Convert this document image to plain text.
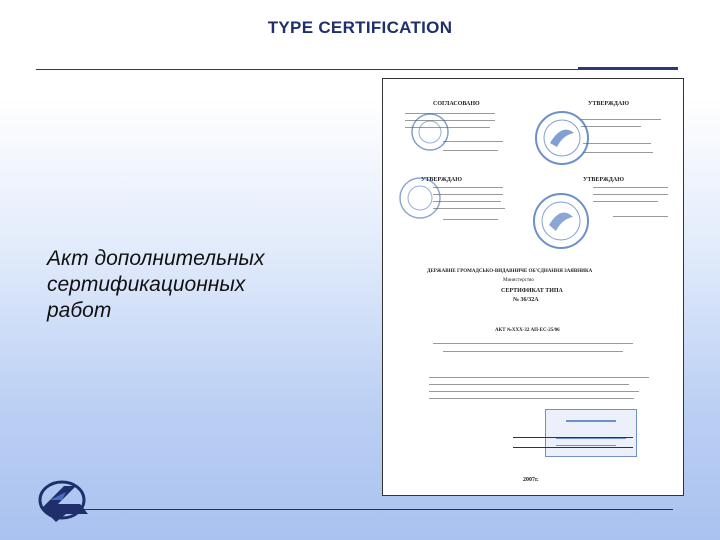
TYPE CERTIFICATION
Акт дополнительных
сертификационных
работ
СОГЛАСОВАНО	УТВЕРЖДАЮ
УТВЕРЖДАЮ	УТВЕРЖДАЮ
ДЕРЖАВНЕ ГРОМАДСЬКО-ВИДАВНИЧЕ ОБ'ЄДНАННЯ ЗАЯВНИКА
Министерство
СЕРТИФИКАТ ТИПА
№ 36/32А
АКТ №ХХХ-32 АП-ЕС-25/06
2007г.
